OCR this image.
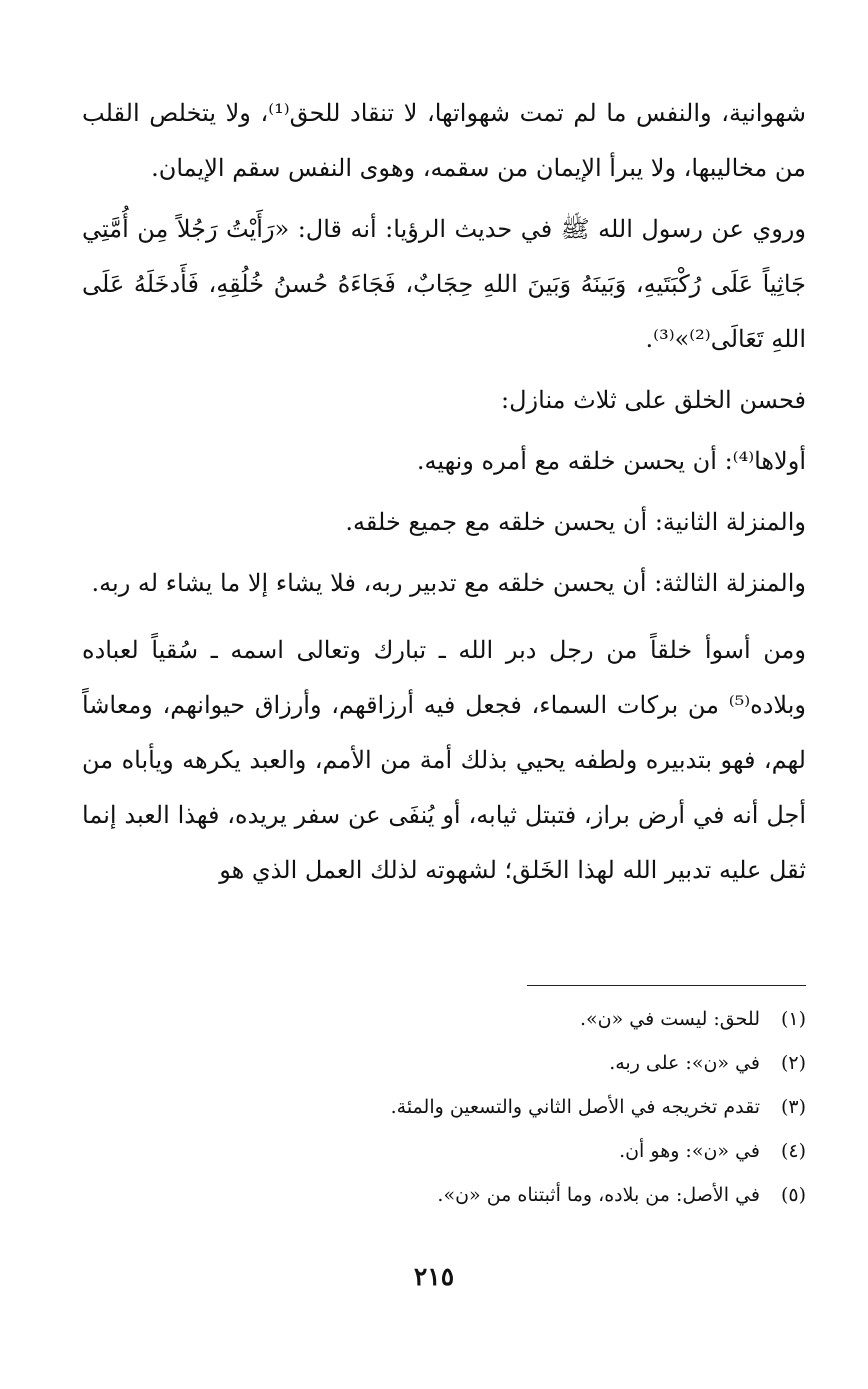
شهوانية، والنفس ما لم تمت شهواتها، لا تنقاد للحق⁽¹⁾، ولا يتخلص القلب من مخاليبها، ولا يبرأ الإيمان من سقمه، وهوى النفس سقم الإيمان.

وروي عن رسول الله ﷺ في حديث الرؤيا: أنه قال: «رَأَيْتُ رَجُلاً مِن أُمَّتِي جَاثِياً عَلَى رُكْبَتَيهِ، وَبَينَهُ وَبَينَ اللهِ حِجَابٌ، فَجَاءَهُ حُسنُ خُلُقِهِ، فَأَدخَلَهُ عَلَى اللهِ تَعَالَى⁽²⁾»⁽³⁾.

فحسن الخلق على ثلاث منازل:

أولاها⁽⁴⁾: أن يحسن خلقه مع أمره ونهيه.

والمنزلة الثانية: أن يحسن خلقه مع جميع خلقه.

والمنزلة الثالثة: أن يحسن خلقه مع تدبير ربه، فلا يشاء إلا ما يشاء له ربه.

ومن أسوأ خلقاً من رجل دبر الله ـ تبارك وتعالى اسمه ـ سُقياً لعباده وبلاده⁽⁵⁾ من بركات السماء، فجعل فيه أرزاقهم، وأرزاق حيوانهم، ومعاشاً لهم، فهو بتدبيره ولطفه يحيي بذلك أمة من الأمم، والعبد يكرهه ويأباه من أجل أنه في أرض براز، فتبتل ثيابه، أو يُنفَى عن سفر يريده، فهذا العبد إنما ثقل عليه تدبير الله لهذا الخَلق؛ لشهوته لذلك العمل الذي هو

(١)للحق: ليست في «ن».
(٢)في «ن»: على ربه.
(٣)تقدم تخريجه في الأصل الثاني والتسعين والمئة.
(٤)في «ن»: وهو أن.
(٥)في الأصل: من بلاده، وما أثبتناه من «ن».
٢١٥
